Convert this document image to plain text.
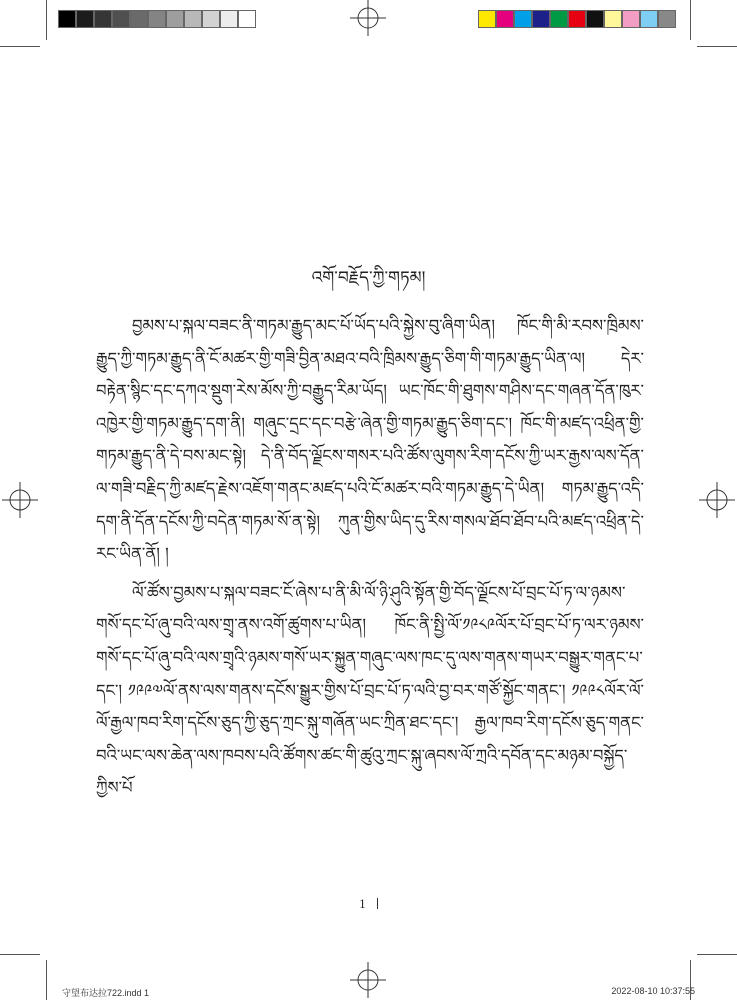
འགོ་བརྗོད་ཀྱི་གཏམ།

བྱམས་པ་སྐལ་བཟང་ནི་གཏམ་རྒྱུད་མང་པོ་ཡོད་པའི་སྐྱེས་བུ་ཞིག་ཡིན། ཁོང་གི་མི་རབས་ཁྲིམས་རྒྱུད་ཀྱི་གཏམ་རྒྱུད་ནི་ངོ་མཚར་གྱི་གཟི་བྱིན་མཐའ་བའི་ཁྲིམས་རྒྱུད་ཅིག་གི་གཏམ་རྒྱུད་ཡིན་ལ། དེར་བརྟེན་སྙིང་དང་དཀའ་སྡུག་རེས་མོས་ཀྱི་བརྒྱུད་རིམ་ཡོད། ཡང་ཁོང་གི་ཐུགས་གཤིས་དང་གཞན་དོན་ཁུར་འཁྱེར་གྱི་གཏམ་རྒྱུད་དག་ནི། གཞུང་དྲང་དང་བརྩེ་ཞེན་གྱི་གཏམ་རྒྱུད་ཅིག་དང་། ཁོང་གི་མཛད་འཕྲིན་གྱི་གཏམ་རྒྱུད་ནི་དེ་བས་མང་སྟེ། དེ་ནི་བོད་ལྗོངས་གསར་པའི་ཚོས་ལུགས་རིག་དངོས་ཀྱི་ཡར་རྒྱས་ལས་དོན་ལ་གཟི་བརྗིད་ཀྱི་མཛད་རྗེས་འཇོག་གནང་མཛད་པའི་ངོ་མཚར་བའི་གཏམ་རྒྱུད་དེ་ཡིན། གཏམ་རྒྱུད་འདི་དག་ནི་དོན་དངོས་ཀྱི་བདེན་གཏམ་སོ་ན་སྟེ། ཀུན་གྱིས་ཡིད་དུ་རིས་གསལ་ཐོབ་ཐོབ་པའི་མཛད་འཕྲིན་དེ་རང་ཡིན་ནོ། །

ལོ་ཚོས་བྱམས་པ་སྐལ་བཟང་ངོ་ཞེས་པ་ནི་མི་ལོ་ཉི་ཤུའི་སྟོན་གྱི་བོད་ལྗོངས་པོ་བྲང་པོ་ཏ་ལ་ཉམས་གསོ་དང་པོ་ཞུ་བའི་ལས་གྲྭ་ནས་འགོ་ཚུགས་པ་ཡིན། ཁོང་ནི་སྤྱི་ལོ་༡༩༨༩ལོར་པོ་བྲང་པོ་ཏ་ལར་ཉམས་གསོ་དང་པོ་ཞུ་བའི་ལས་གྲྭའི་ཉམས་གསོ་ཡར་སྐྱུན་གཞུང་ལས་ཁང་དུ་ལས་གནས་གཡར་བསྒྱུར་གནང་པ་དང་། ༡༩༩༧ལོ་ནས་ལས་གནས་དངོས་སྒྱུར་གྱིས་པོ་བྲང་པོ་ཏ་ལའི་བྱ་བར་གཙོ་སྐྱོང་གནང་། ༡༩༩༨ལོར་ལོ་ལོ་རྒྱལ་ཁབ་རིག་དངོས་ཅུད་ཀྱི་ཅུད་ཀྲང་སྐུ་གཞོན་ཡང་ཀྲིན་ཐང་དང་། རྒྱལ་ཁབ་རིག་དངོས་ཅུད་གནང་བའི་ཡང་ལས་ཆེན་ལས་ཁབས་པའི་ཚོགས་ཚང་གི་ཚུའུ་ཀྲང་སྐུ་ཞབས་ལོ་ཀྲའི་དབོན་དང་མཉམ་བསྐྱོད་ཀྱིས་པོ

1
守望布达拉722.indd 1	2022-08-10 10:37:55
